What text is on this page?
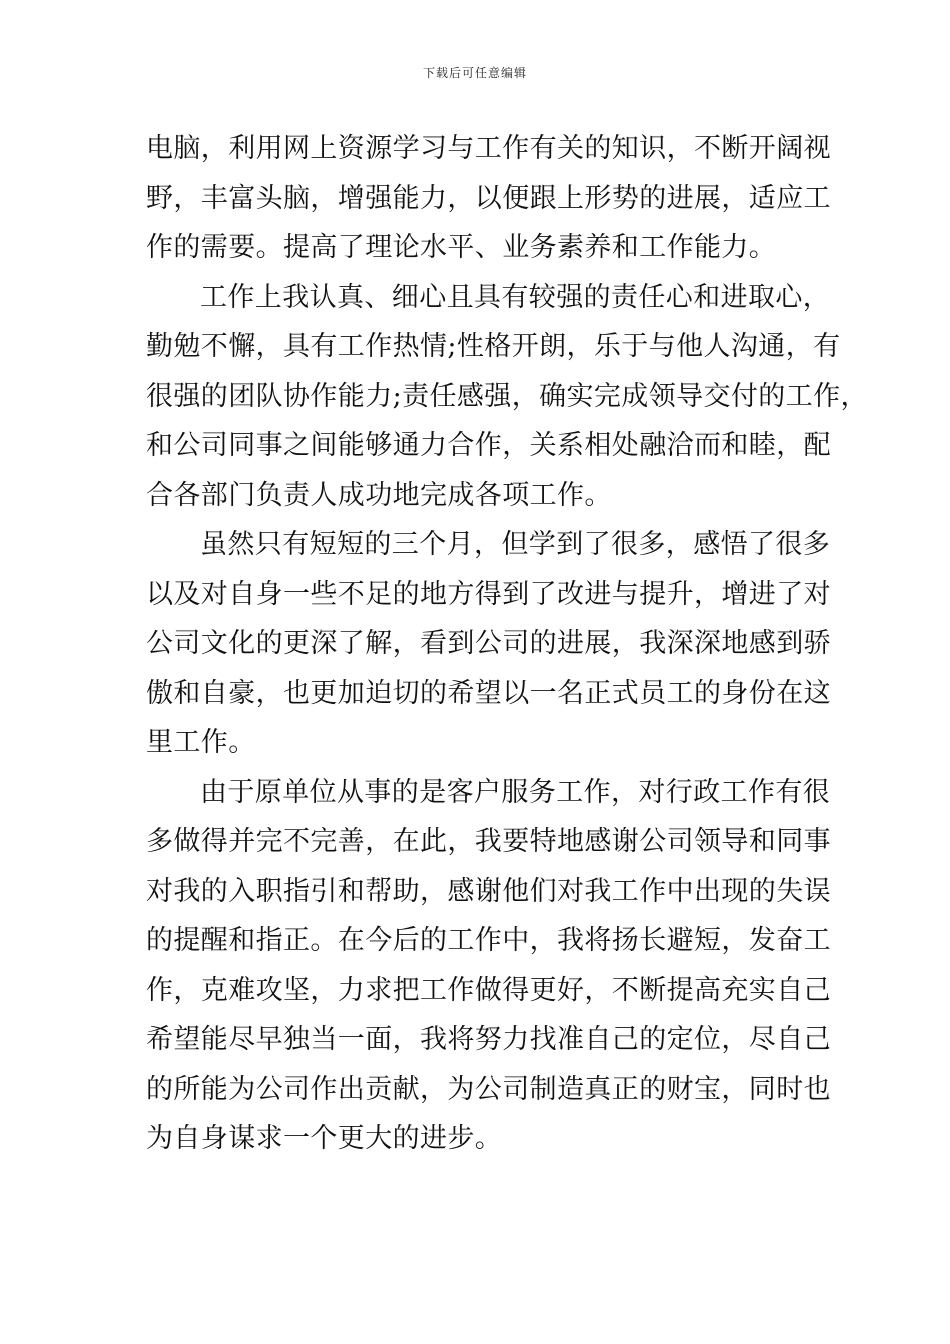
下载后可任意编辑
电脑，利用网上资源学习与工作有关的知识，不断开阔视
野，丰富头脑，增强能力，以便跟上形势的进展，适应工
作的需要。提高了理论水平、业务素养和工作能力。
工作上我认真、细心且具有较强的责任心和进取心，
勤勉不懈，具有工作热情;性格开朗，乐于与他人沟通，有
很强的团队协作能力;责任感强，确实完成领导交付的工作，
和公司同事之间能够通力合作，关系相处融洽而和睦，配
合各部门负责人成功地完成各项工作。
虽然只有短短的三个月，但学到了很多，感悟了很多
以及对自身一些不足的地方得到了改进与提升，增进了对
公司文化的更深了解，看到公司的进展，我深深地感到骄
傲和自豪，也更加迫切的希望以一名正式员工的身份在这
里工作。
由于原单位从事的是客户服务工作，对行政工作有很
多做得并完不完善，在此，我要特地感谢公司领导和同事
对我的入职指引和帮助，感谢他们对我工作中出现的失误
的提醒和指正。在今后的工作中，我将扬长避短，发奋工
作，克难攻坚，力求把工作做得更好，不断提高充实自己
希望能尽早独当一面，我将努力找准自己的定位，尽自己
的所能为公司作出贡献，为公司制造真正的财宝，同时也
为自身谋求一个更大的进步。
